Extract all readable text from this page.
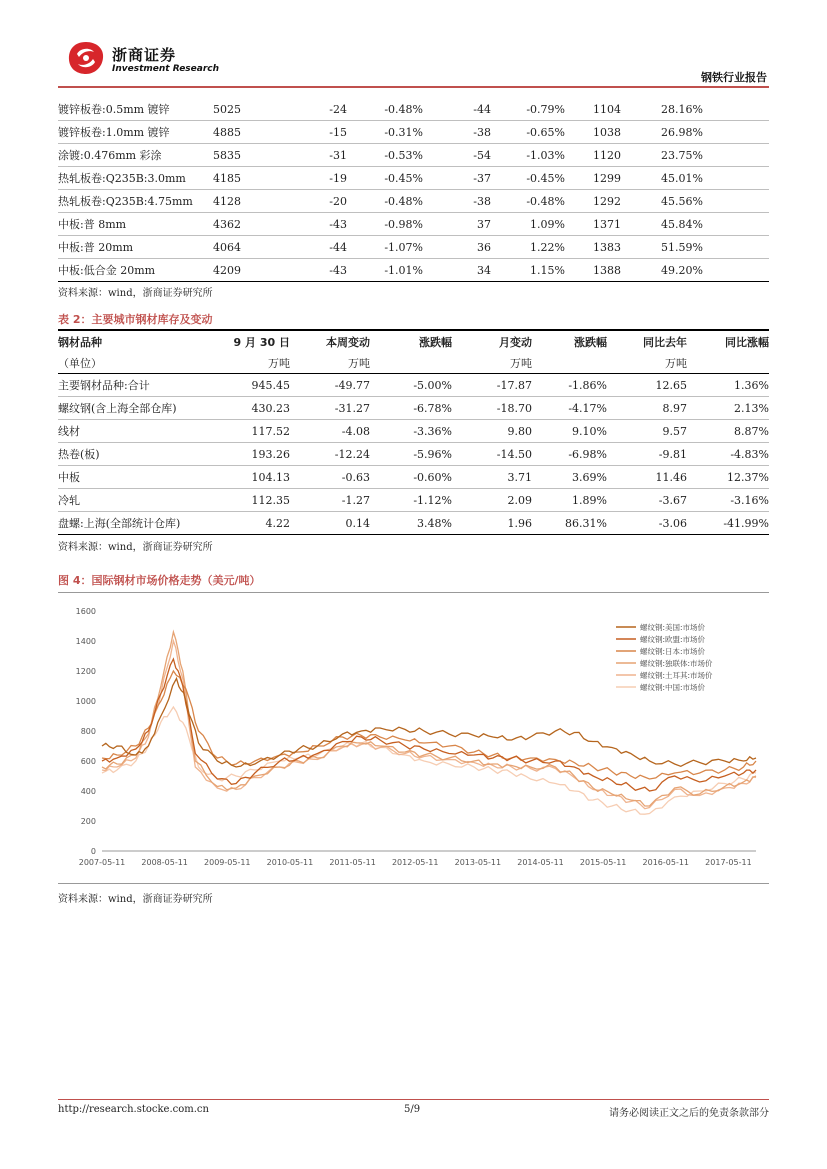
浙商证券
Investment Research
钢铁行业报告
镀锌板卷:0.5mm 镀锌	5025	-24	-0.48%	-44	-0.79%	1104	28.16%
镀锌板卷:1.0mm 镀锌	4885	-15	-0.31%	-38	-0.65%	1038	26.98%
涂镀:0.476mm 彩涂	5835	-31	-0.53%	-54	-1.03%	1120	23.75%
热轧板卷:Q235B:3.0mm	4185	-19	-0.45%	-37	-0.45%	1299	45.01%
热轧板卷:Q235B:4.75mm	4128	-20	-0.48%	-38	-0.48%	1292	45.56%
中板:普 8mm	4362	-43	-0.98%	37	1.09%	1371	45.84%
中板:普 20mm	4064	-44	-1.07%	36	1.22%	1383	51.59%
中板:低合金 20mm	4209	-43	-1.01%	34	1.15%	1388	49.20%
资料来源：wind，浙商证券研究所
表 2：主要城市钢材库存及变动
钢材品种	9 月 30 日	本周变动	涨跌幅	月变动	涨跌幅	同比去年	同比涨幅
（单位）	万吨	万吨		万吨		万吨	
主要钢材品种:合计	945.45	-49.77	-5.00%	-17.87	-1.86%	12.65	1.36%
螺纹钢(含上海全部仓库)	430.23	-31.27	-6.78%	-18.70	-4.17%	8.97	2.13%
线材	117.52	-4.08	-3.36%	9.80	9.10%	9.57	8.87%
热卷(板)	193.26	-12.24	-5.96%	-14.50	-6.98%	-9.81	-4.83%
中板	104.13	-0.63	-0.60%	3.71	3.69%	11.46	12.37%
冷轧	112.35	-1.27	-1.12%	2.09	1.89%	-3.67	-3.16%
盘螺:上海(全部统计仓库)	4.22	0.14	3.48%	1.96	86.31%	-3.06	-41.99%
资料来源：wind，浙商证券研究所
图 4：国际钢材市场价格走势（美元/吨）
0
200
400
600
800
1000
1200
1400
1600
2007-05-11 2008-05-11 2009-05-11 2010-05-11 2011-05-11 2012-05-11 2013-05-11 2014-05-11 2015-05-11 2016-05-11 2017-05-11
螺纹钢:美国:市场价
螺纹钢:欧盟:市场价
螺纹钢:日本:市场价
螺纹钢:独联体:市场价
螺纹钢:土耳其:市场价
螺纹钢:中国:市场价
资料来源：wind，浙商证券研究所
http://research.stocke.com.cn	5/9	请务必阅读正文之后的免责条款部分
